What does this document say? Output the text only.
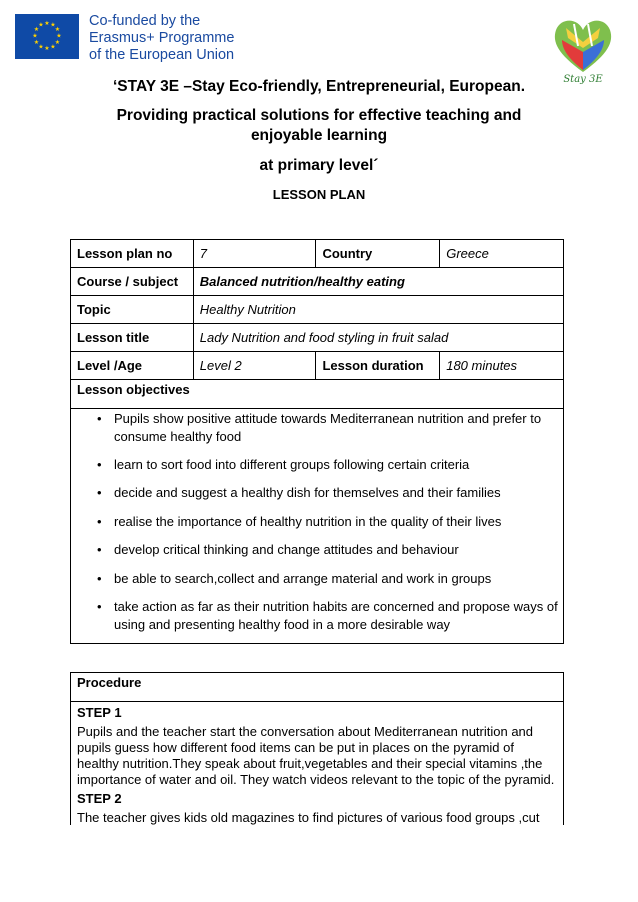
★ ★
★
★
★
★
★
★
★
★
★
★	Co-funded by the
Erasmus+ Programme
of the European Union
Stay 3E
‘STAY 3E –Stay Eco-friendly, Entrepreneurial, European.
Providing practical solutions for effective teaching and enjoyable learning
at primary level´
LESSON PLAN
Lesson plan no	7	Country	Greece
Course / subject	Balanced nutrition/healthy eating		
Topic	Healthy Nutrition		
Lesson title	Lady Nutrition and food styling in fruit salad		
Level /Age	Level 2	Lesson duration	180 minutes
Lesson objectives
• Pupils show positive attitude towards Mediterranean nutrition and prefer to consume healthy food
• learn to sort food into different groups following certain criteria
• decide and suggest a healthy dish for themselves and their families
• realise the importance of healthy nutrition in the quality of their lives
• develop critical thinking and change attitudes and behaviour
• be able to search,collect and arrange material and work in groups
• take action as far as their nutrition habits are concerned and propose ways of using and presenting healthy food in a more desirable way
Procedure
STEP 1
Pupils and the teacher start the conversation about Mediterranean nutrition and pupils guess how different food items can be put in places on the pyramid of healthy nutrition.They speak about fruit,vegetables and their special vitamins ,the importance of water and oil. They watch videos relevant to the topic of the pyramid.
STEP 2
The teacher gives kids old magazines to find pictures of various food groups ,cut
